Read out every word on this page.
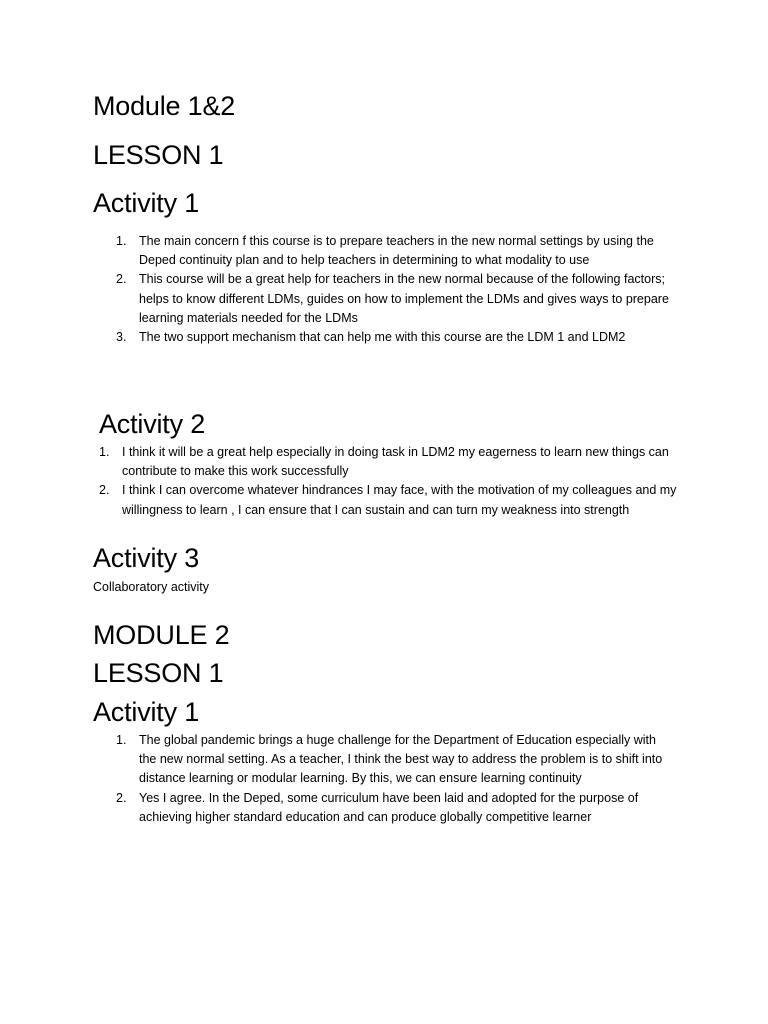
Module 1&2
LESSON 1
Activity 1
1. The main concern f this course is to prepare teachers in the new normal settings by using the Deped continuity plan and to help teachers in determining to what modality to use
2. This course will be a great help for teachers in the new normal because of the following factors; helps to know different LDMs, guides on how to implement the LDMs and gives ways to prepare learning materials needed for the LDMs
3. The two support mechanism that can help me with this course are the LDM 1 and LDM2
Activity 2
1. I think it will be a great help especially in doing task in LDM2 my eagerness to learn new things can contribute to make this work successfully
2. I think I can overcome whatever hindrances I may face, with the motivation of my colleagues and my willingness to learn , I can ensure that I can sustain and can turn my weakness into strength
Activity 3

Collaboratory activity

MODULE 2
LESSON 1
Activity 1
1. The global pandemic brings a huge challenge for the Department of Education especially with the new normal setting. As a teacher, I think the best way to address the problem is to shift into distance learning or modular learning. By this, we can ensure learning continuity
2. Yes I agree. In the Deped, some curriculum have been laid and adopted for the purpose of achieving higher standard education and can produce globally competitive learner
